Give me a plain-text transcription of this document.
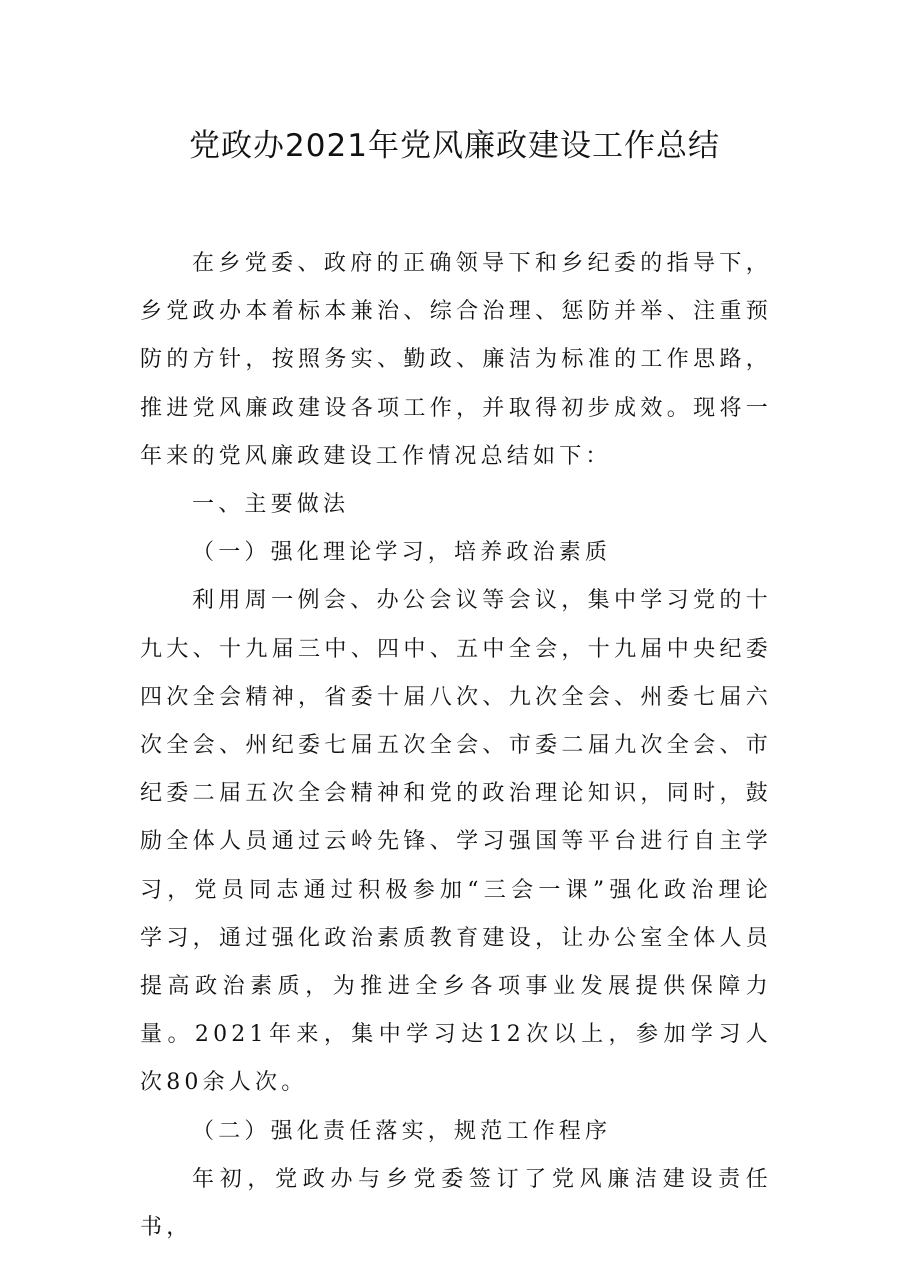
党政办2021年党风廉政建设工作总结

在乡党委、政府的正确领导下和乡纪委的指导下，乡党政办本着标本兼治、综合治理、惩防并举、注重预防的方针，按照务实、勤政、廉洁为标准的工作思路，推进党风廉政建设各项工作，并取得初步成效。现将一年来的党风廉政建设工作情况总结如下：

一、主要做法

（一）强化理论学习，培养政治素质

利用周一例会、办公会议等会议，集中学习党的十九大、十九届三中、四中、五中全会，十九届中央纪委四次全会精神，省委十届八次、九次全会、州委七届六次全会、州纪委七届五次全会、市委二届九次全会、市纪委二届五次全会精神和党的政治理论知识，同时，鼓励全体人员通过云岭先锋、学习强国等平台进行自主学习，党员同志通过积极参加“三会一课”强化政治理论学习，通过强化政治素质教育建设，让办公室全体人员提高政治素质，为推进全乡各项事业发展提供保障力量。2021年来，集中学习达12次以上，参加学习人次80余人次。

（二）强化责任落实，规范工作程序

年初，党政办与乡党委签订了党风廉洁建设责任书，
